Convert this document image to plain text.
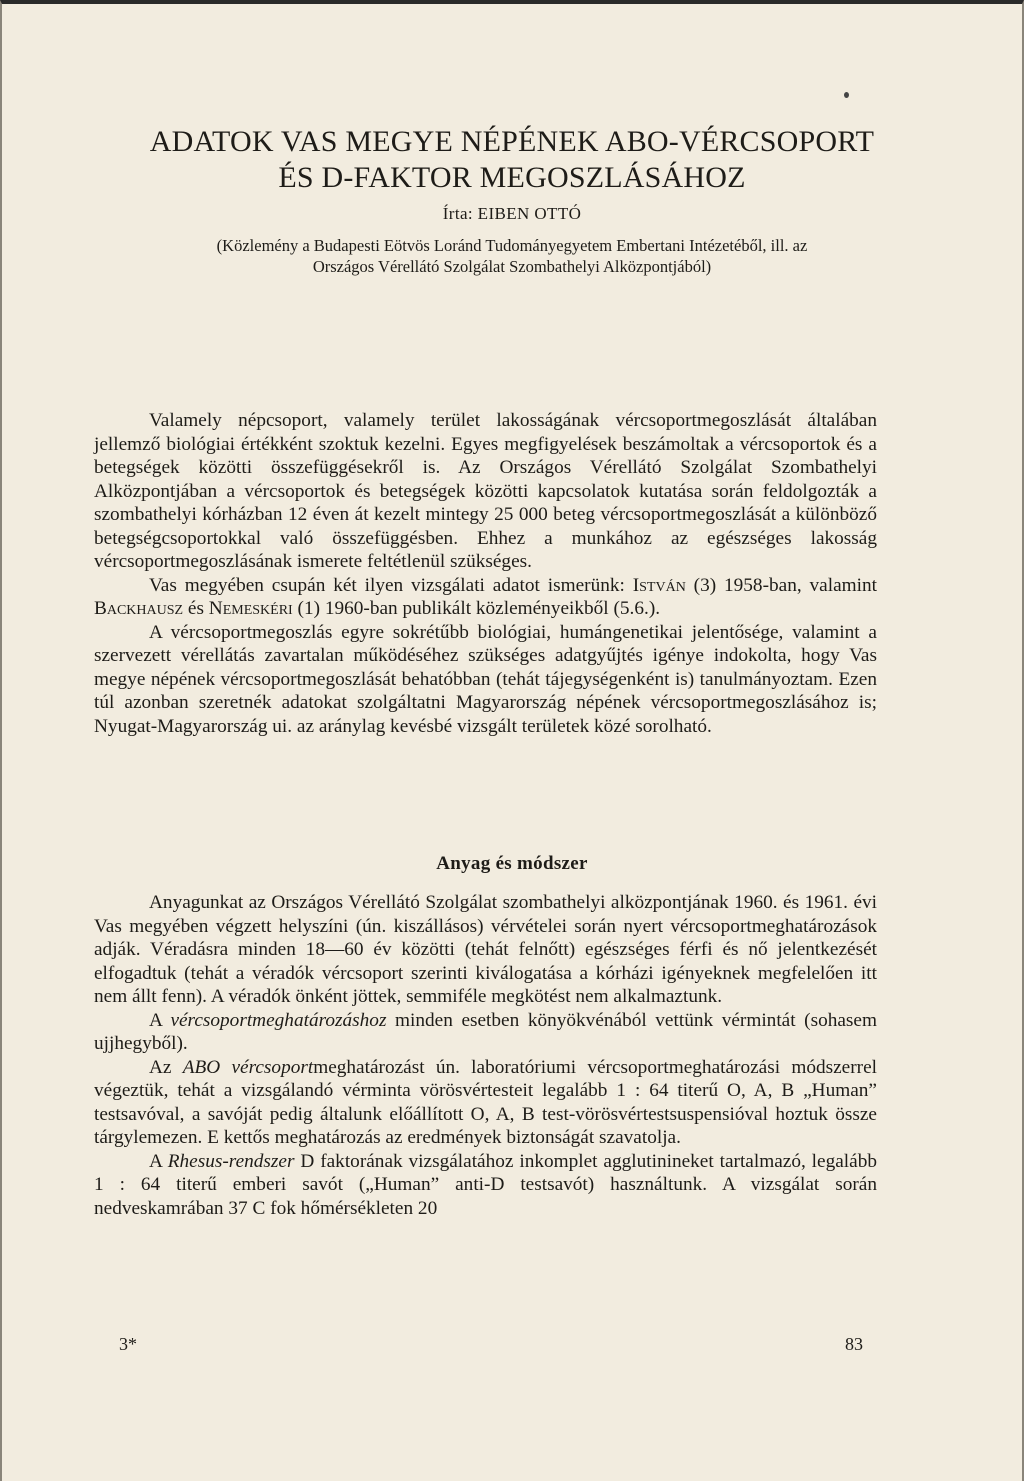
ADATOK VAS MEGYE NÉPÉNEK ABO-VÉRCSOPORT
ÉS D-FAKTOR MEGOSZLÁSÁHOZ
Írta: EIBEN OTTÓ
(Közlemény a Budapesti Eötvös Loránd Tudományegyetem Embertani Intézetéből, ill. az
Országos Vérellátó Szolgálat Szombathelyi Alközpontjából)

Valamely népcsoport, valamely terület lakosságának vércsoportmegoszlását általában jellemző biológiai értékként szoktuk kezelni. Egyes megfigyelések beszámoltak a vércsoportok és a betegségek közötti összefüggésekről is. Az Országos Vérellátó Szolgálat Szombathelyi Alközpontjában a vércsoportok és betegségek közötti kapcsolatok kutatása során feldolgozták a szombathelyi kórházban 12 éven át kezelt mintegy 25 000 beteg vércsoportmegoszlását a különböző betegségcsoportokkal való összefüggésben. Ehhez a munkához az egészséges lakosság vércsoportmegoszlásának ismerete feltétlenül szükséges.

Vas megyében csupán két ilyen vizsgálati adatot ismerünk: István (3) 1958-ban, valamint Backhausz és Nemeskéri (1) 1960-ban publikált közleményeikből (5.6.).

A vércsoportmegoszlás egyre sokrétűbb biológiai, humángenetikai jelentősége, valamint a szervezett vérellátás zavartalan működéséhez szükséges adatgyűjtés igénye indokolta, hogy Vas megye népének vércsoportmegoszlását behatóbban (tehát tájegységenként is) tanulmányoztam. Ezen túl azonban szeretnék adatokat szolgáltatni Magyarország népének vércsoportmegoszlásához is; Nyugat-Magyarország ui. az aránylag kevésbé vizsgált területek közé sorolható.

Anyag és módszer

Anyagunkat az Országos Vérellátó Szolgálat szombathelyi alközpontjának 1960. és 1961. évi Vas megyében végzett helyszíni (ún. kiszállásos) vérvételei során nyert vércsoportmeghatározások adják. Véradásra minden 18—60 év közötti (tehát felnőtt) egészséges férfi és nő jelentkezését elfogadtuk (tehát a véradók vércsoport szerinti kiválogatása a kórházi igényeknek megfelelően itt nem állt fenn). A véradók önként jöttek, semmiféle megkötést nem alkalmaztunk.

A vércsoportmeghatározáshoz minden esetben könyökvénából vettünk vérmintát (sohasem ujjhegyből).

Az ABO vércsoportmeghatározást ún. laboratóriumi vércsoportmeghatározási módszerrel végeztük, tehát a vizsgálandó vérminta vörösvértesteit legalább 1 : 64 titerű O, A, B „Human” testsavóval, a savóját pedig általunk előállított O, A, B test-vörösvértestsuspensióval hoztuk össze tárgylemezen. E kettős meghatározás az eredmények biztonságát szavatolja.

A Rhesus-rendszer D faktorának vizsgálatához inkomplet agglutinineket tartalmazó, legalább 1 : 64 titerű emberi savót („Human” anti-D testsavót) használtunk. A vizsgálat során nedveskamrában 37 C fok hőmérsékleten 20

3*	83
